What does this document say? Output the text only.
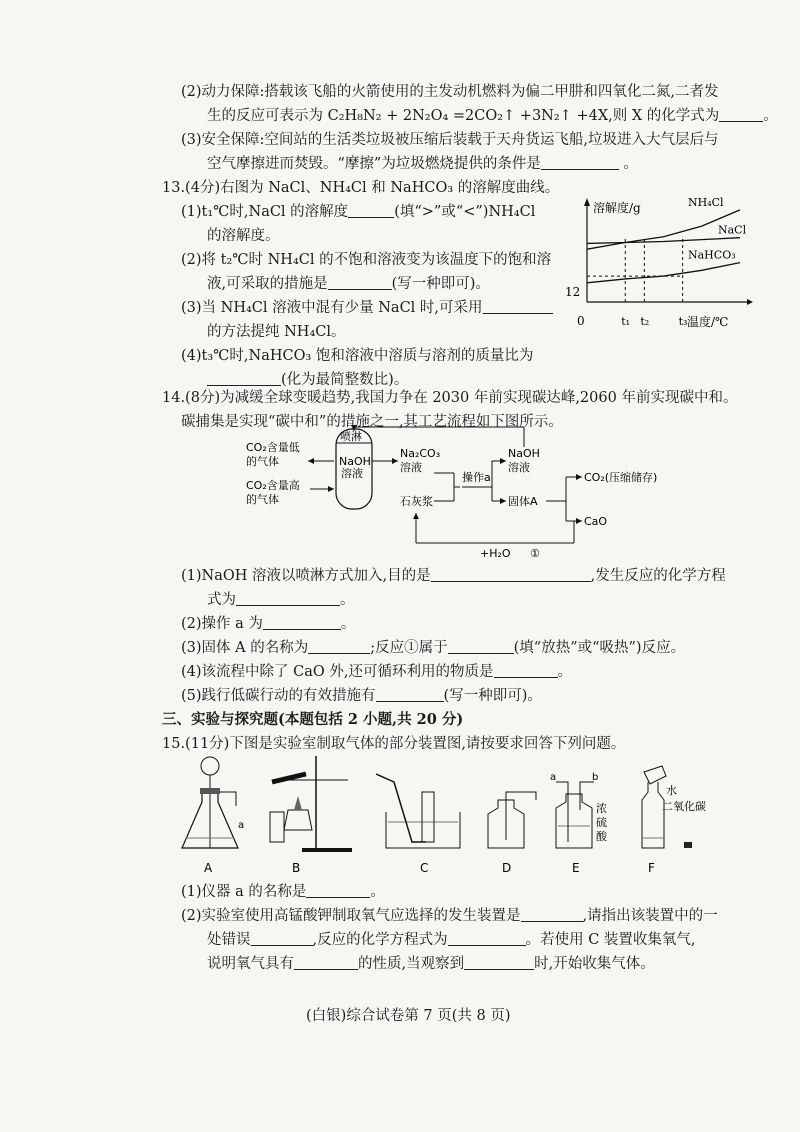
(2)动力保障:搭载该飞船的火箭使用的主发动机燃料为偏二甲肼和四氧化二氮,二者发
生的反应可表示为 C₂H₈N₂ + 2N₂O₄ =2CO₂↑ +3N₂↑ +4X,则 X 的化学式为	。
(3)安全保障:空间站的生活类垃圾被压缩后装载于天舟货运飞船,垃圾进入大气层后与
空气摩擦进而焚毁。“摩擦”为垃圾燃烧提供的条件是	。
13.(4分)右图为 NaCl、NH₄Cl 和 NaHCO₃ 的溶解度曲线。
(1)t₁℃时,NaCl 的溶解度	(填“>”或“<”)NH₄Cl
的溶解度。
(2)将 t₂℃时 NH₄Cl 的不饱和溶液变为该温度下的饱和溶
液,可采取的措施是	(写一种即可)。
(3)当 NH₄Cl 溶液中混有少量 NaCl 时,可采用
的方法提纯 NH₄Cl。
(4)t₃℃时,NaHCO₃ 饱和溶液中溶质与溶剂的质量比为
(化为最简整数比)。
溶解度/g
温度/℃
0
12
t₁ t₂	t₃
NH₄Cl
NaCl
NaHCO₃
14.(8分)为减缓全球变暖趋势,我国力争在 2030 年前实现碳达峰,2060 年前实现碳中和。
碳捕集是实现“碳中和”的措施之一,其工艺流程如下图所示。
CO₂含量低
的气体
CO₂含量高
的气体
喷淋
NaOH
溶液
Na₂CO₃
溶液
石灰浆
操作a
NaOH
溶液
固体A
CO₂(压缩储存)
CaO
+H₂O ①
(1)NaOH 溶液以喷淋方式加入,目的是	,发生反应的化学方程
式为	。
(2)操作 a 为	。
(3)固体 A 的名称为	;反应①属于	(填“放热”或“吸热”)反应。
(4)该流程中除了 CaO 外,还可循环利用的物质是	。
(5)践行低碳行动的有效措施有	(写一种即可)。
三、实验与探究题(本题包括 2 小题,共 20 分)
15.(11分)下图是实验室制取气体的部分装置图,请按要求回答下列问题。
a
A	B	C	D
a	b
浓
硫
酸
E
水
二氧化碳
F
(1)仪器 a 的名称是	。
(2)实验室使用高锰酸钾制取氧气应选择的发生装置是	,请指出该装置中的一
处错误	,反应的化学方程式为	。若使用 C 装置收集氧气,
说明氧气具有	的性质,当观察到	时,开始收集气体。
(白银)综合试卷第 7 页(共 8 页)
